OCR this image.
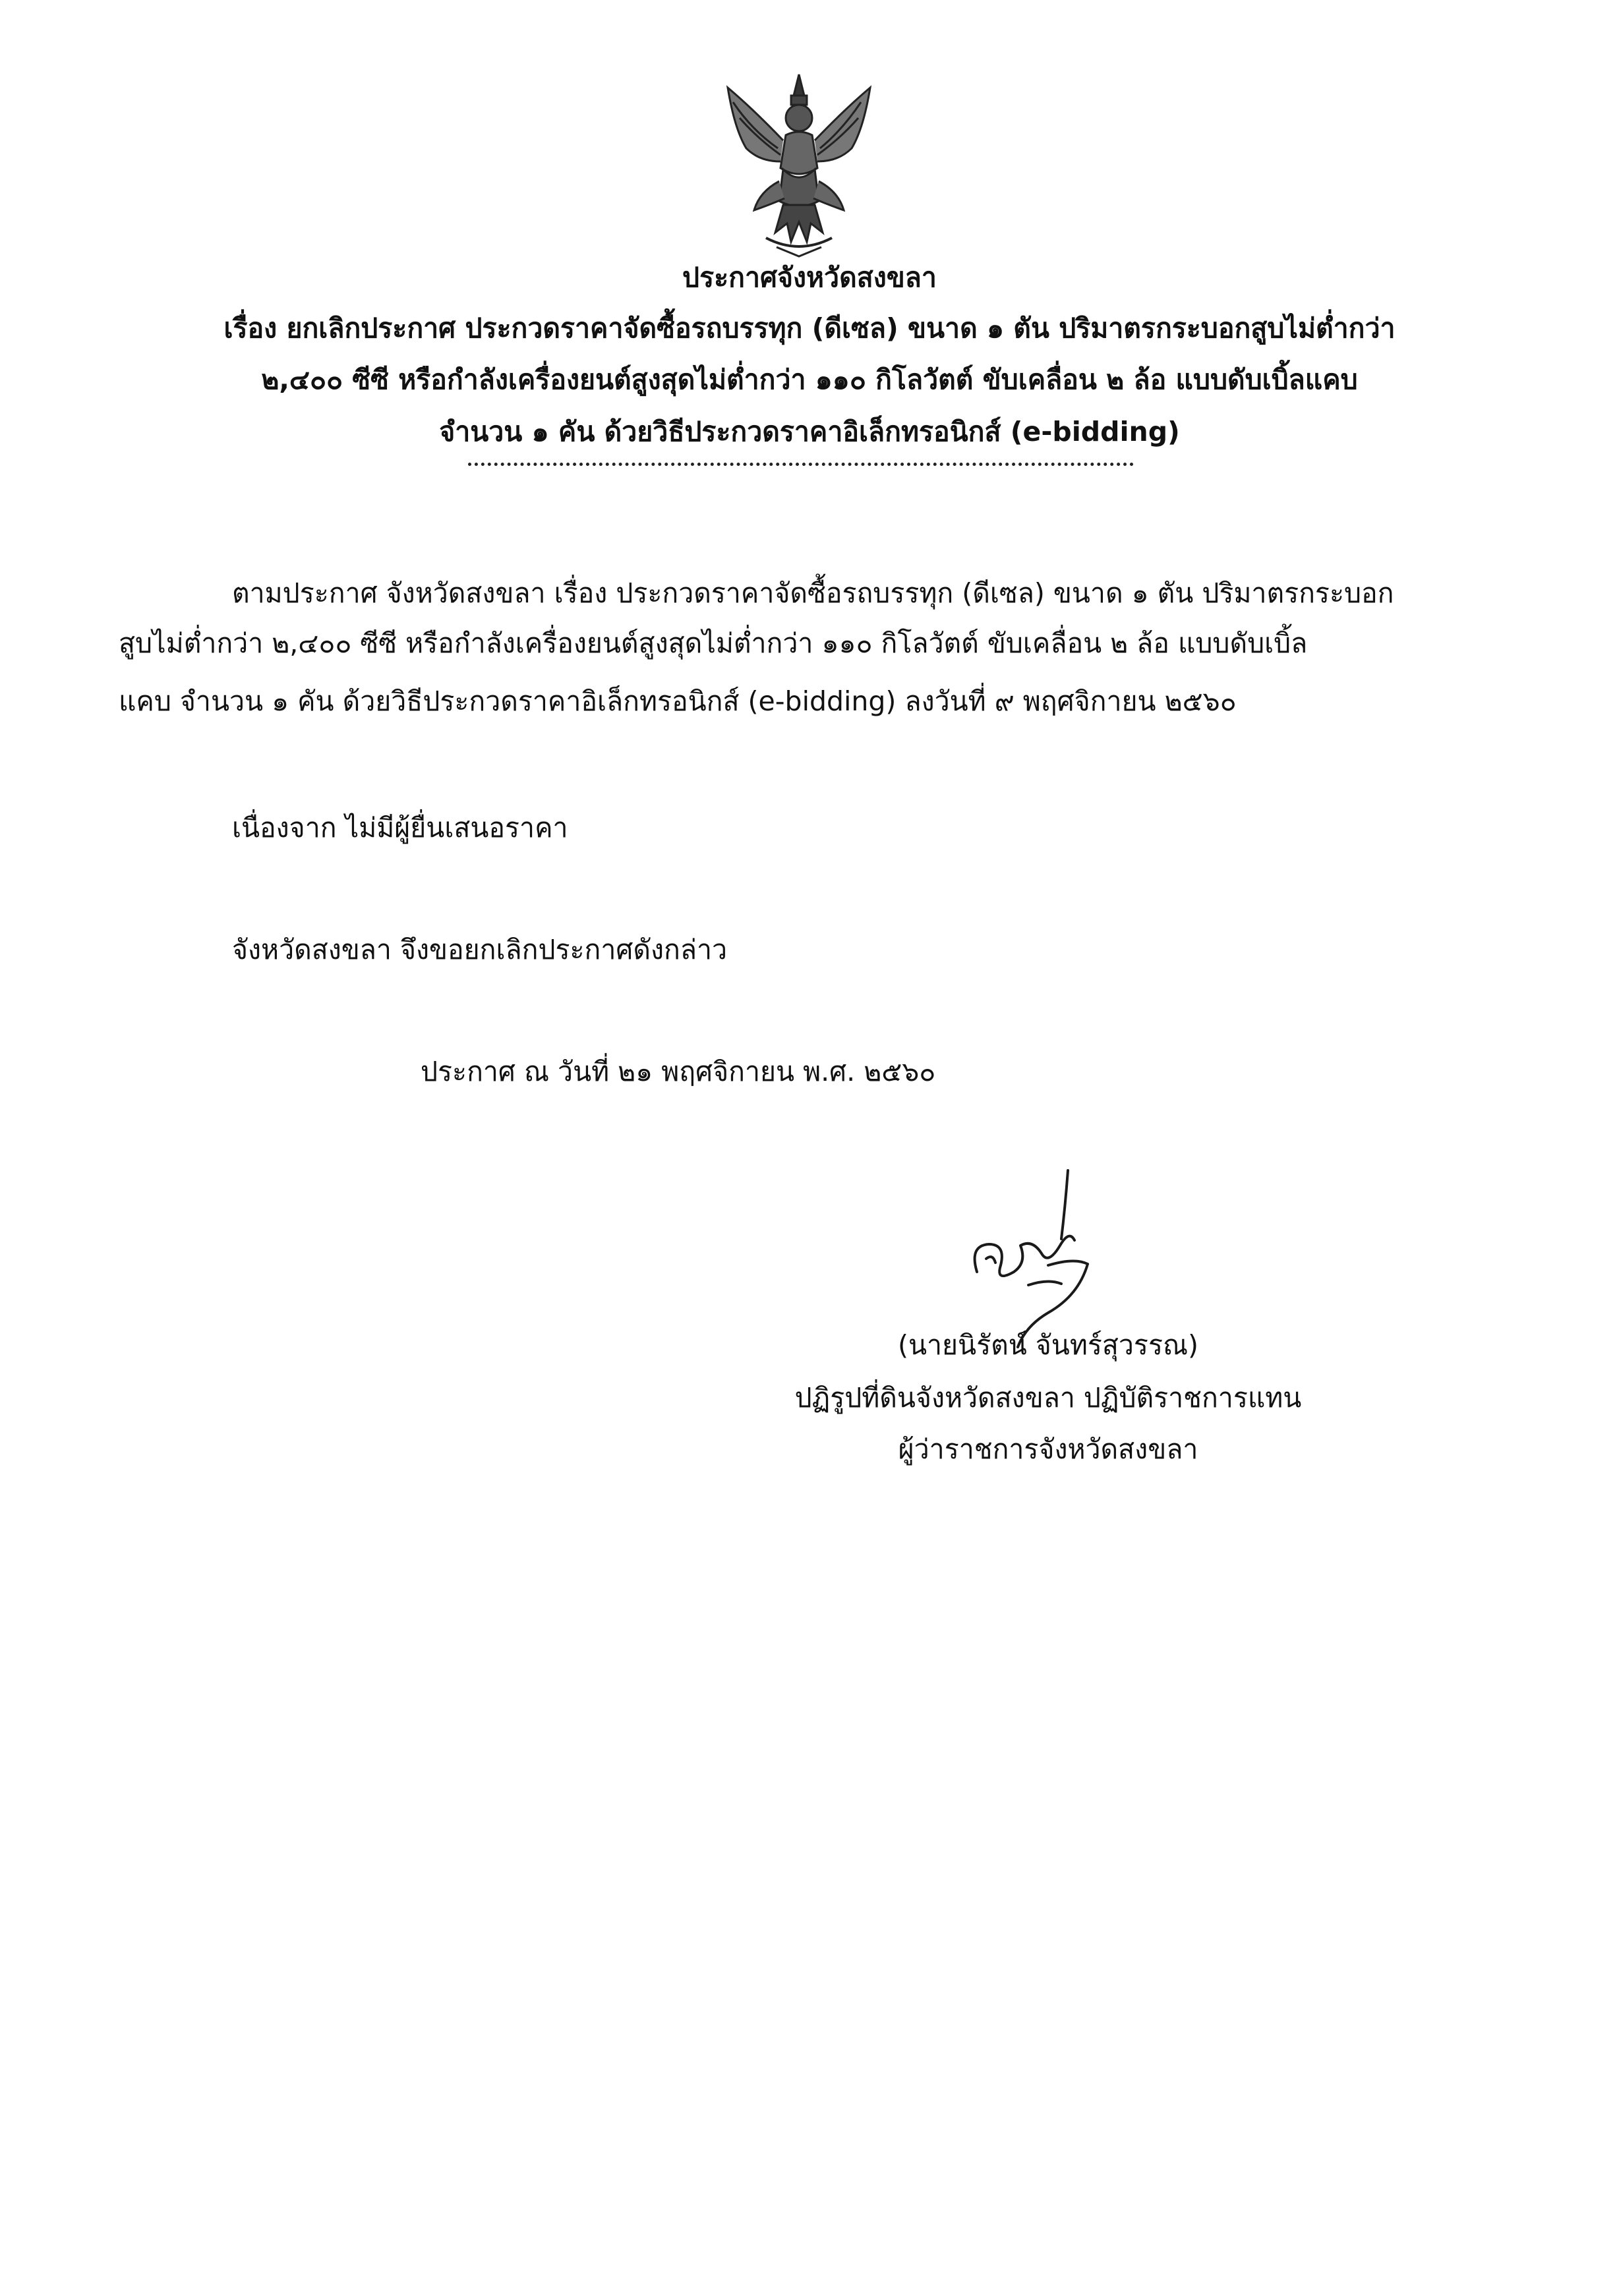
ประกาศจังหวัดสงขลา
เรื่อง ยกเลิกประกาศ ประกวดราคาจัดซื้อรถบรรทุก (ดีเซล) ขนาด ๑ ตัน ปริมาตรกระบอกสูบไม่ต่ำกว่า
๒,๔๐๐ ซีซี หรือกำลังเครื่องยนต์สูงสุดไม่ต่ำกว่า ๑๑๐ กิโลวัตต์ ขับเคลื่อน ๒ ล้อ แบบดับเบิ้ลแคบ
จำนวน ๑ คัน ด้วยวิธีประกวดราคาอิเล็กทรอนิกส์ (e-bidding)
ตามประกาศ จังหวัดสงขลา เรื่อง ประกวดราคาจัดซื้อรถบรรทุก (ดีเซล) ขนาด ๑ ตัน ปริมาตรกระบอก
สูบไม่ต่ำกว่า ๒,๔๐๐ ซีซี หรือกำลังเครื่องยนต์สูงสุดไม่ต่ำกว่า ๑๑๐ กิโลวัตต์ ขับเคลื่อน ๒ ล้อ แบบดับเบิ้ล
แคบ จำนวน ๑ คัน ด้วยวิธีประกวดราคาอิเล็กทรอนิกส์ (e-bidding) ลงวันที่ ๙ พฤศจิกายน ๒๕๖๐
เนื่องจาก ไม่มีผู้ยื่นเสนอราคา
จังหวัดสงขลา จึงขอยกเลิกประกาศดังกล่าว
ประกาศ ณ วันที่ ๒๑ พฤศจิกายน พ.ศ. ๒๕๖๐
(นายนิรัตน์ จันทร์สุวรรณ)
ปฏิรูปที่ดินจังหวัดสงขลา ปฏิบัติราชการแทน
ผู้ว่าราชการจังหวัดสงขลา
